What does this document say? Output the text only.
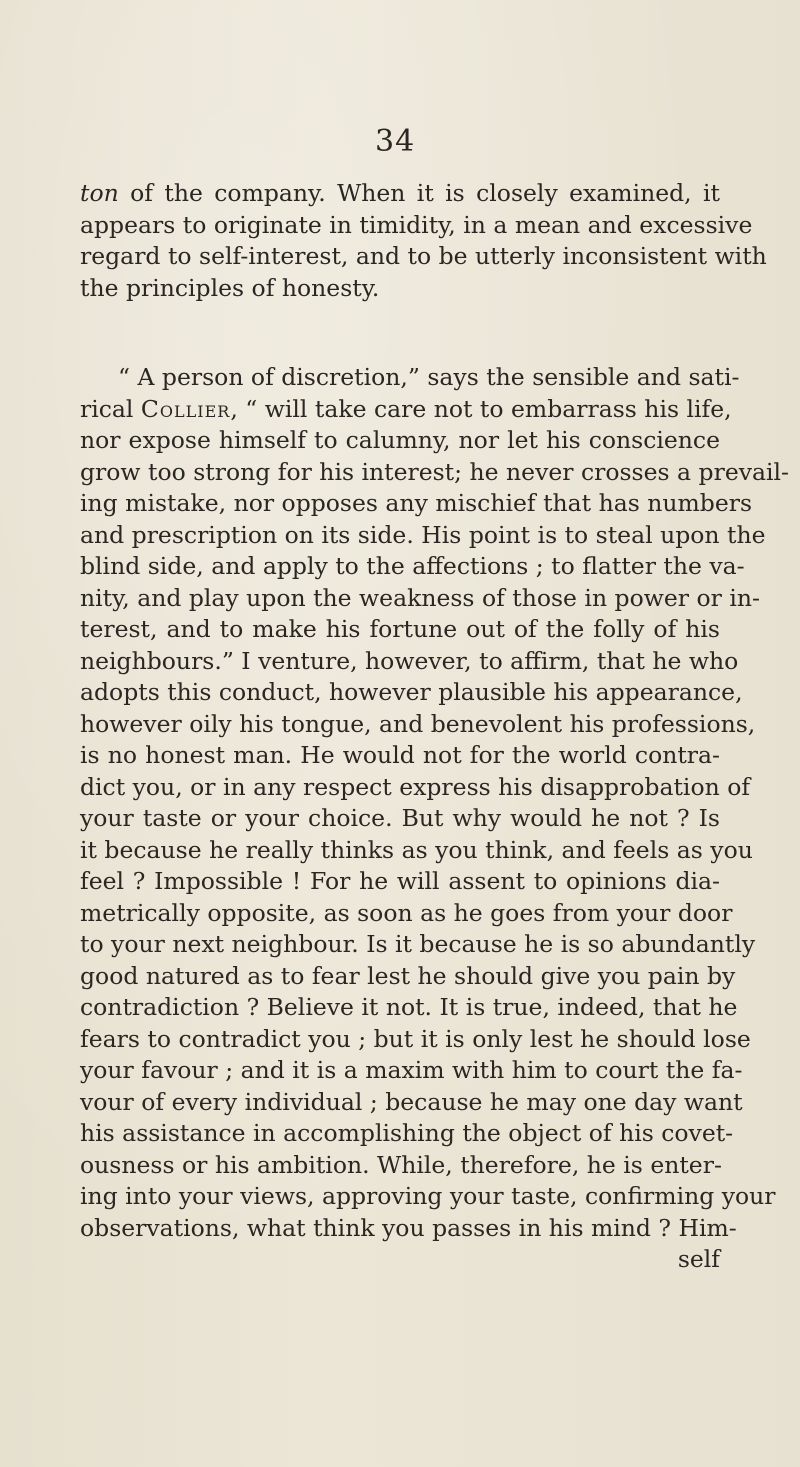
34
ton of the company. When it is closely examined, it
appears to originate in timidity, in a mean and excessive
regard to self-interest, and to be utterly inconsistent with
the principles of honesty.
“ A person of discretion,” says the sensible and sati-
rical Collier, “ will take care not to embarrass his life,
nor expose himself to calumny, nor let his conscience
grow too strong for his interest; he never crosses a prevail-
ing mistake, nor opposes any mischief that has numbers
and prescription on its side. His point is to steal upon the
blind side, and apply to the affections ; to flatter the va-
nity, and play upon the weakness of those in power or in-
terest, and to make his fortune out of the folly of his
neighbours.” I venture, however, to affirm, that he who
adopts this conduct, however plausible his appearance,
however oily his tongue, and benevolent his professions,
is no honest man. He would not for the world contra-
dict you, or in any respect express his disapprobation of
your taste or your choice. But why would he not ? Is
it because he really thinks as you think, and feels as you
feel ? Impossible ! For he will assent to opinions dia-
metrically opposite, as soon as he goes from your door
to your next neighbour. Is it because he is so abundantly
good natured as to fear lest he should give you pain by
contradiction ? Believe it not. It is true, indeed, that he
fears to contradict you ; but it is only lest he should lose
your favour ; and it is a maxim with him to court the fa-
vour of every individual ; because he may one day want
his assistance in accomplishing the object of his covet-
ousness or his ambition. While, therefore, he is enter-
ing into your views, approving your taste, confirming your
observations, what think you passes in his mind ? Him-
self
